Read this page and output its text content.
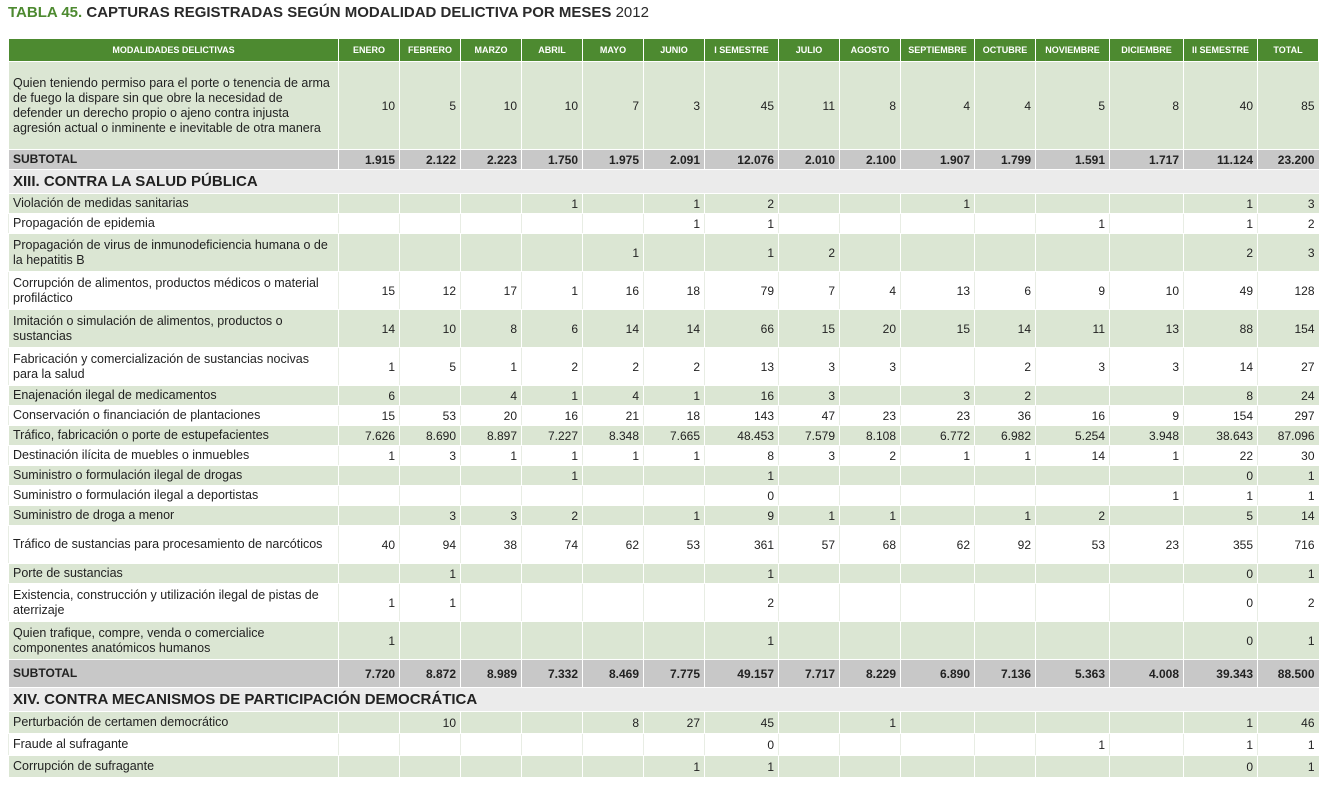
TABLA 45. CAPTURAS REGISTRADAS SEGÚN MODALIDAD DELICTIVA POR MESES 2012
MODALIDADES DELICTIVAS	ENERO	FEBRERO	MARZO	ABRIL	MAYO	JUNIO	I SEMESTRE	JULIO	AGOSTO	SEPTIEMBRE	OCTUBRE	NOVIEMBRE	DICIEMBRE	II SEMESTRE	TOTAL
Quien teniendo permiso para el porte o tenencia de arma de fuego la dispare sin que obre la necesidad de defender un derecho propio o ajeno contra injusta agresión actual o inminente e inevitable de otra manera	10	5	10	10	7	3	45	11	8	4	4	5	8	40	85
SUBTOTAL	1.915	2.122	2.223	1.750	1.975	2.091	12.076	2.010	2.100	1.907	1.799	1.591	1.717	11.124	23.200
XIII. CONTRA LA SALUD PÚBLICA															
Violación de medidas sanitarias				1		1	2			1				1	3
Propagación de epidemia						1	1					1		1	2
Propagación de virus de inmunodeficiencia humana o de la hepatitis B					1		1	2						2	3
Corrupción de alimentos, productos médicos o material profiláctico	15	12	17	1	16	18	79	7	4	13	6	9	10	49	128
Imitación o simulación de alimentos, productos o sustancias	14	10	8	6	14	14	66	15	20	15	14	11	13	88	154
Fabricación y comercialización de sustancias nocivas para la salud	1	5	1	2	2	2	13	3	3		2	3	3	14	27
Enajenación ilegal de medicamentos	6		4	1	4	1	16	3		3	2			8	24
Conservación o financiación de plantaciones	15	53	20	16	21	18	143	47	23	23	36	16	9	154	297
Tráfico, fabricación o porte de estupefacientes	7.626	8.690	8.897	7.227	8.348	7.665	48.453	7.579	8.108	6.772	6.982	5.254	3.948	38.643	87.096
Destinación ilícita de muebles o inmuebles	1	3	1	1	1	1	8	3	2	1	1	14	1	22	30
Suministro o formulación ilegal de drogas				1			1							0	1
Suministro o formulación ilegal a deportistas							0						1	1	1
Suministro de droga a menor		3	3	2		1	9	1	1		1	2		5	14
Tráfico de sustancias para procesamiento de narcóticos	40	94	38	74	62	53	361	57	68	62	92	53	23	355	716
Porte de sustancias		1					1							0	1
Existencia, construcción y utilización ilegal de pistas de aterrizaje	1	1					2							0	2
Quien trafique, compre, venda o comercialice componentes anatómicos humanos	1						1							0	1
SUBTOTAL	7.720	8.872	8.989	7.332	8.469	7.775	49.157	7.717	8.229	6.890	7.136	5.363	4.008	39.343	88.500
XIV. CONTRA MECANISMOS DE PARTICIPACIÓN DEMOCRÁTICA															
Perturbación de certamen democrático		10			8	27	45		1					1	46
Fraude al sufragante							0					1		1	1
Corrupción de sufragante						1	1							0	1
